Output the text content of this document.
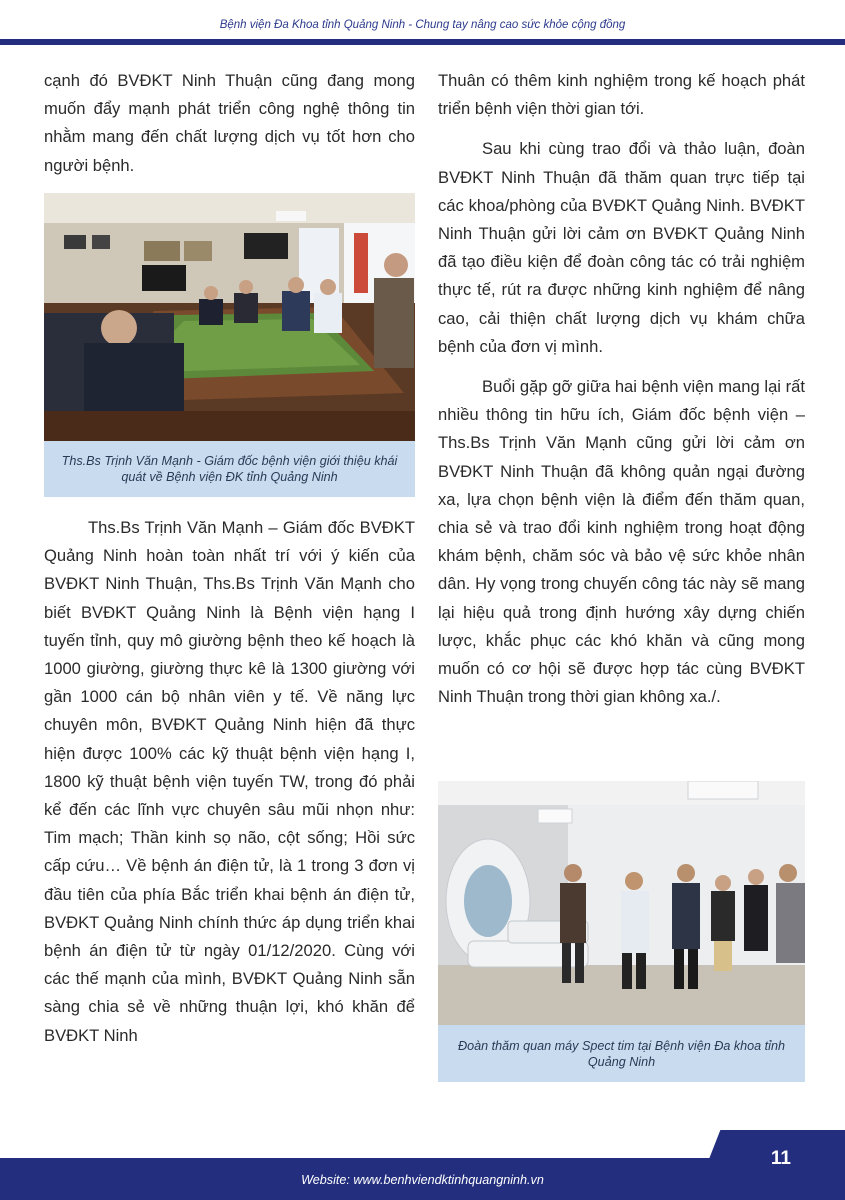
Bệnh viện Đa Khoa tỉnh Quảng Ninh - Chung tay nâng cao sức khỏe cộng đồng

cạnh đó BVĐKT Ninh Thuận cũng đang mong muốn đẩy mạnh phát triển công nghệ thông tin nhằm mang đến chất lượng dịch vụ tốt hơn cho người bệnh.

Ths.Bs Trịnh Văn Mạnh - Giám đốc bệnh viện giới thiệu khái quát về Bệnh viện ĐK tỉnh Quảng Ninh

Ths.Bs Trịnh Văn Mạnh – Giám đốc BVĐKT Quảng Ninh hoàn toàn nhất trí với ý kiến của BVĐKT Ninh Thuận, Ths.Bs Trịnh Văn Mạnh cho biết BVĐKT Quảng Ninh là Bệnh viện hạng I tuyến tỉnh, quy mô giường bệnh theo kế hoạch là 1000 giường, giường thực kê là 1300 giường với gần 1000 cán bộ nhân viên y tế. Về năng lực chuyên môn, BVĐKT Quảng Ninh hiện đã thực hiện được 100% các kỹ thuật bệnh viện hạng I, 1800 kỹ thuật bệnh viện tuyến TW, trong đó phải kể đến các lĩnh vực chuyên sâu mũi nhọn như: Tim mạch; Thần kinh sọ não, cột sống; Hồi sức cấp cứu… Về bệnh án điện tử, là 1 trong 3 đơn vị đầu tiên của phía Bắc triển khai bệnh án điện tử, BVĐKT Quảng Ninh chính thức áp dụng triển khai bệnh án điện tử từ ngày 01/12/2020. Cùng với các thế mạnh của mình, BVĐKT Quảng Ninh sẵn sàng chia sẻ về những thuận lợi, khó khăn để BVĐKT Ninh

Thuân có thêm kinh nghiệm trong kế hoạch phát triển bệnh viện thời gian tới.

Sau khi cùng trao đổi và thảo luận, đoàn BVĐKT Ninh Thuận đã thăm quan trực tiếp tại các khoa/phòng của BVĐKT Quảng Ninh. BVĐKT Ninh Thuận gửi lời cảm ơn BVĐKT Quảng Ninh đã tạo điều kiện để đoàn công tác có trải nghiệm thực tế, rút ra được những kinh nghiệm để nâng cao, cải thiện chất lượng dịch vụ khám chữa bệnh của đơn vị mình.

Buổi gặp gỡ giữa hai bệnh viện mang lại rất nhiều thông tin hữu ích, Giám đốc bệnh viện – Ths.Bs Trịnh Văn Mạnh cũng gửi lời cảm ơn BVĐKT Ninh Thuận đã không quản ngại đường xa, lựa chọn bệnh viện là điểm đến thăm quan, chia sẻ và trao đổi kinh nghiệm trong hoạt động khám bệnh, chăm sóc và bảo vệ sức khỏe nhân dân. Hy vọng trong chuyến công tác này sẽ mang lại hiệu quả trong định hướng xây dựng chiến lược, khắc phục các khó khăn và cũng mong muốn có cơ hội sẽ được hợp tác cùng BVĐKT Ninh Thuận trong thời gian không xa./.

Đoàn thăm quan máy Spect tim tại Bệnh viện Đa khoa tỉnh Quảng Ninh
Website: www.benhviendktinhquangninh.vn
11
